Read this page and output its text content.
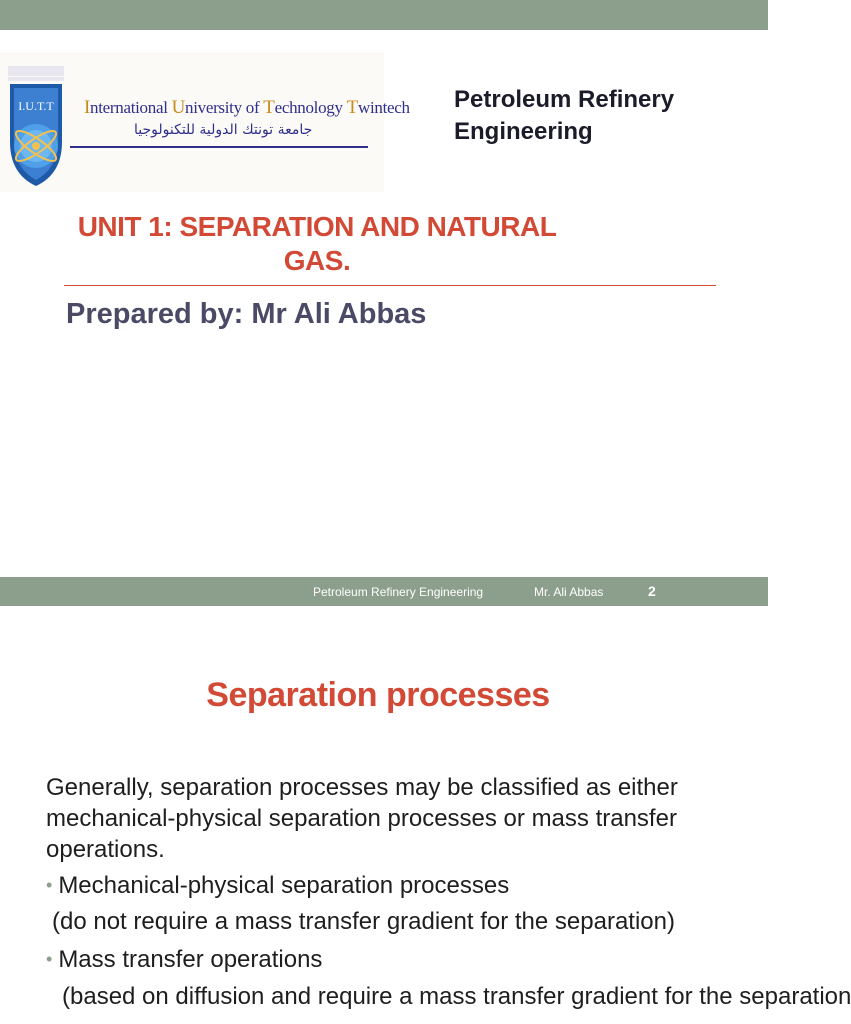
I.U.T.T International University of Technology Twintech
جامعة تونتك الدولية للتكنولوجيا
Petroleum Refinery Engineering
UNIT 1: SEPARATION AND NATURAL
GAS.
Prepared by: Mr Ali Abbas
Petroleum Refinery Engineering	Mr. Ali Abbas	2
Separation processes
Generally, separation processes may be classified as either mechanical-physical separation processes or mass transfer operations.
• Mechanical-physical separation processes
(do not require a mass transfer gradient for the separation)
• Mass transfer operations
(based on diffusion and require a mass transfer gradient for the separation
